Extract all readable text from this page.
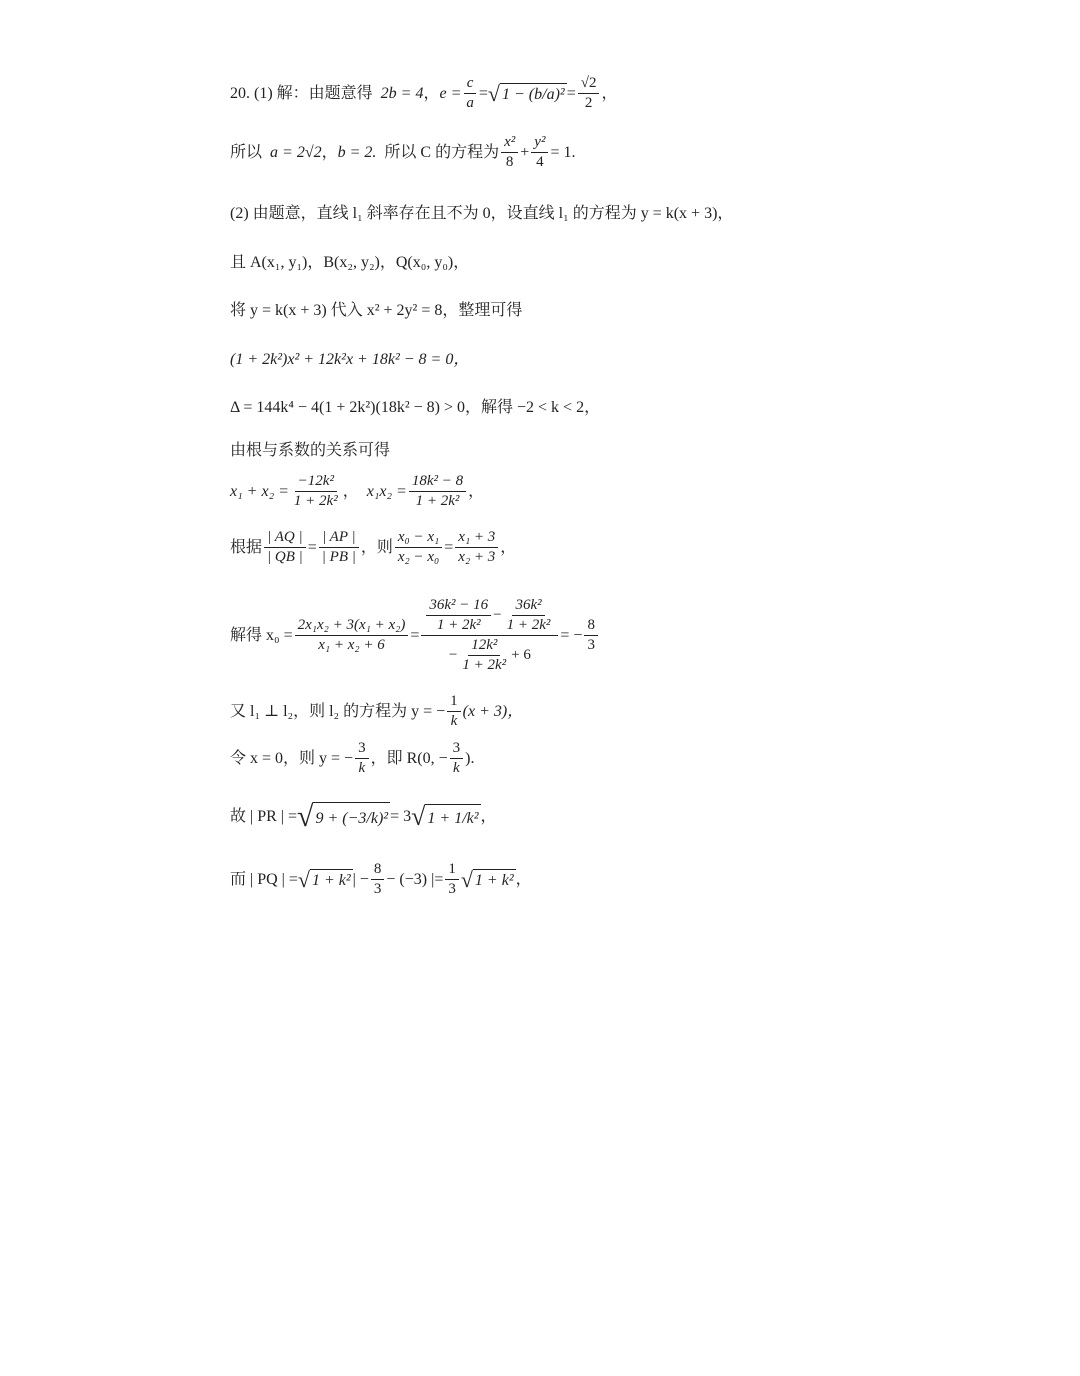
20. (1) 解：由题意得 2b = 4 ， $e = \frac{c}{a}$ = √ $1 - (b/a)^2 = \frac{√2}{2}$ ，
所以 a = 2√2 ， b = 2. 所以 C 的方程为 $\frac{\text{x²}}{8} + \frac{\text{y²}}{4} = 1$.
(2) 由题意，直线 l₁ 斜率存在且不为 0，设直线 l₁ 的方程为 y = k(x + 3)，
且 A(x₁, y₁)，B(x₂, y₂)，Q(x₀, y₀)，
将 y = k(x + 3) 代入 x² + 2y² = 8，整理可得
(1 + 2k²)x² + 12k²x + 18k² − 8 = 0，
Δ = 144k⁴ − 4(1 + 2k²)(18k² − 8) > 0，解得 −2 < k < 2，
由根与系数的关系可得
$x_1 + x_2 = \frac{\text{−12k²}}{\text{1 + 2k²}}$ ， $x_1x_2 = \frac{\text{18k² − 8}}{\text{1 + 2k²}}$ ，
根据 $\frac{| AQ |}{| QB |} = \frac{| AP |}{| PB |}$ ，则 $\frac{\text{x₀ − x₁}}{\text{x₂ − x₀}} = \frac{\text{x₁ + 3}}{\text{x₂ + 3}}$ ，
解得 $x_0 = \frac{\text{2x₁x₂ + 3(x₁ + x₂)}}{\text{x₁ + x₂ + 6}}$ =
$\frac{\text{36k² − 16}}{\text{1 + 2k²}} - \frac{\text{36k²}}{\text{1 + 2k²}}$
− $\frac{\text{12k²}}{\text{1 + 2k²}} + 6$
= − $\frac{8}{3}$
又 l₁ ⊥ l₂，则 l₂ 的方程为 y = − $\frac{1}{k} (x + 3)$，
令 x = 0，则 y = − $\frac{3}{k}$ ，即 R(0, − $\frac{3}{k}$ ).
故 | PR | = √ 9 + (−3/k)² = 3 √ 1 + 1/k² ，
而 | PQ | = √ 1 + k² | − $\frac{8}{3} - (-3)$ |= $\frac{1}{3}$ √ 1 + k² ，
